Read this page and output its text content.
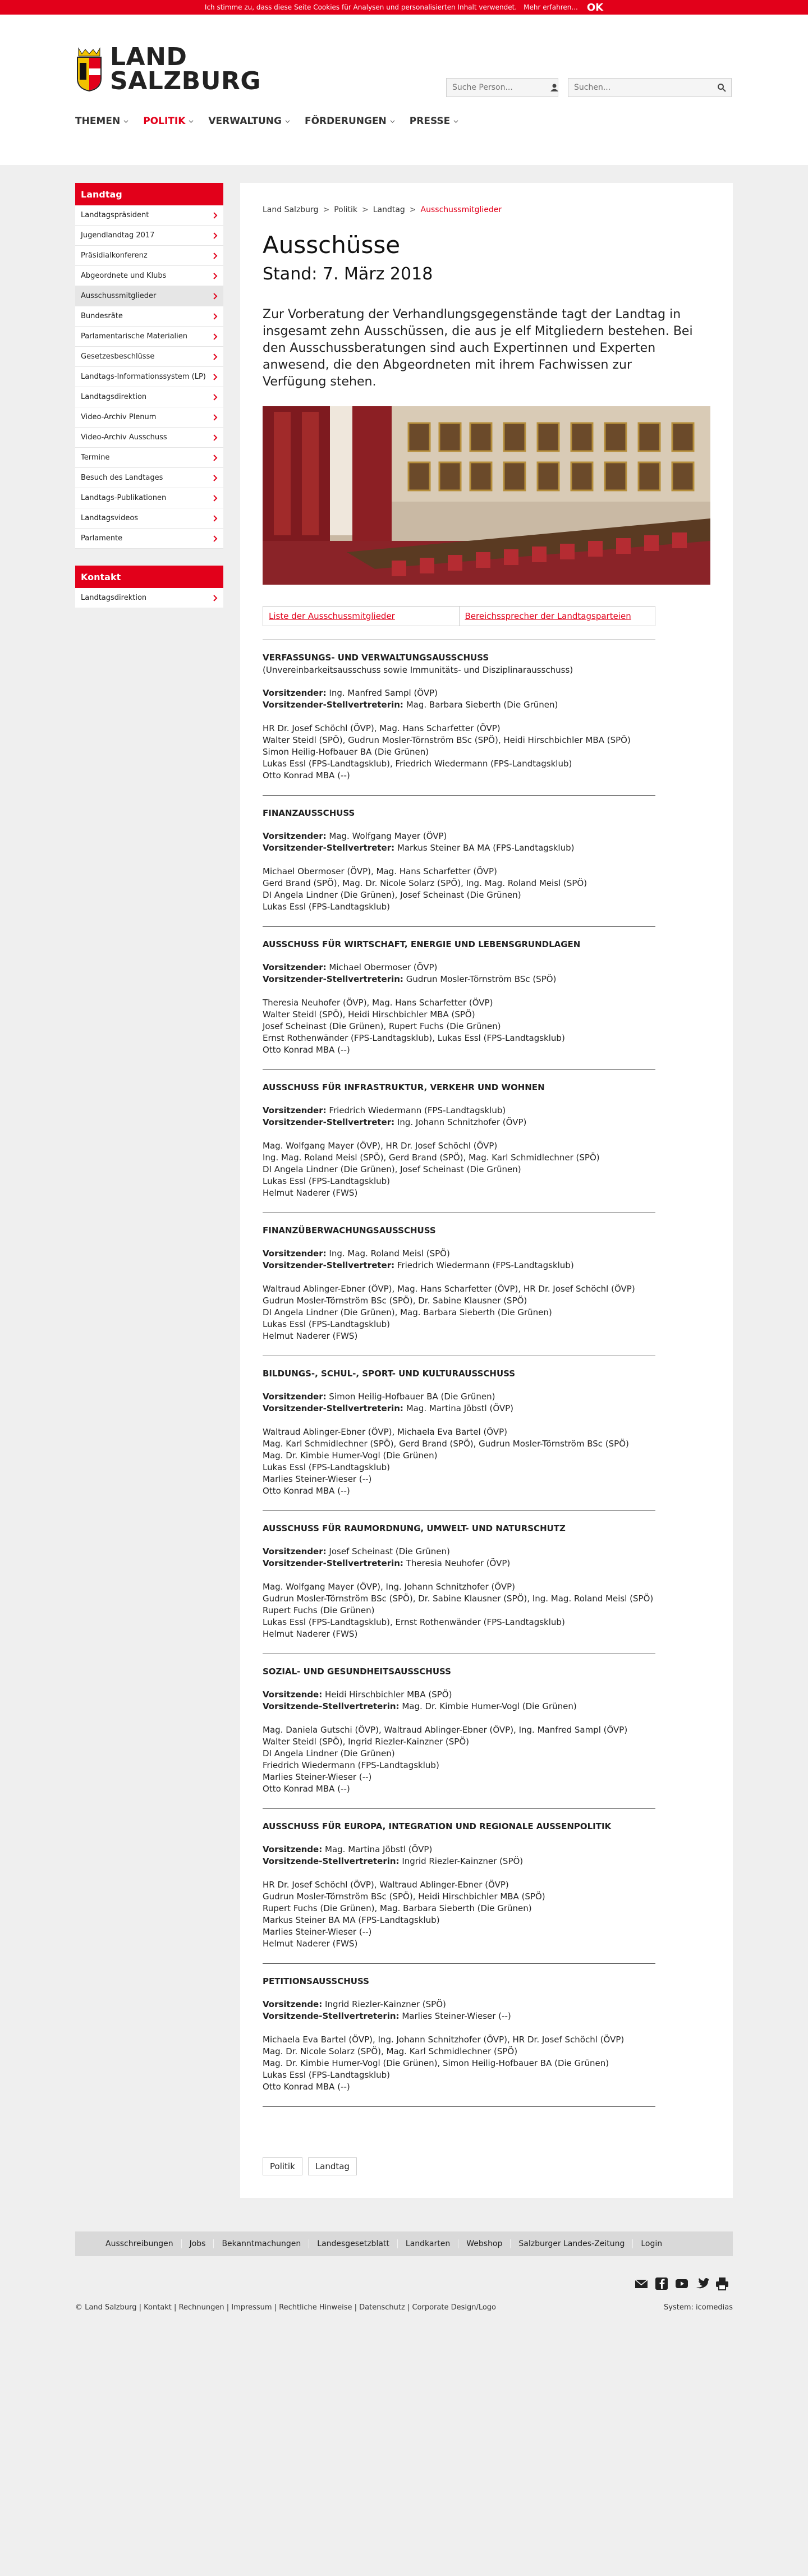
Ich stimme zu, dass diese Seite Cookies für Analysen und personalisierten Inhalt verwendet. Mehr erfahren... OK
LAND
SALZBURG
Suche Person...
Suchen...
THEMEN POLITIK VERWALTUNG FÖRDERUNGEN PRESSE
Landtag
Landtagspräsident
Jugendlandtag 2017
Präsidialkonferenz
Abgeordnete und Klubs
Ausschussmitglieder
Bundesräte
Parlamentarische Materialien
Gesetzesbeschlüsse
Landtags-Informationssystem (LP)
Landtagsdirektion
Video-Archiv Plenum
Video-Archiv Ausschuss
Termine
Besuch des Landtages
Landtags-Publikationen
Landtagsvideos
Parlamente
Kontakt
Landtagsdirektion
Land Salzburg > Politik > Landtag > Ausschussmitglieder
Ausschüsse
Stand: 7. März 2018

Zur Vorberatung der Verhandlungsgegenstände tagt der Landtag in insgesamt zehn Ausschüssen, die aus je elf Mitgliedern bestehen. Bei den Ausschussberatungen sind auch Expertinnen und Experten anwesend, die den Abgeordneten mit ihrem Fachwissen zur Verfügung stehen.

Liste der Ausschussmitglieder	Bereichssprecher der Landtagsparteien
VERFASSUNGS- UND VERWALTUNGSAUSSCHUSS
(Unvereinbarkeitsausschuss sowie Immunitäts- und Disziplinarausschuss)
Vorsitzender: Ing. Manfred Sampl (ÖVP)
Vorsitzender-Stellvertreterin: Mag. Barbara Sieberth (Die Grünen)
HR Dr. Josef Schöchl (ÖVP), Mag. Hans Scharfetter (ÖVP)
Walter Steidl (SPÖ), Gudrun Mosler-Törnström BSc (SPÖ), Heidi Hirschbichler MBA (SPÖ)
Simon Heilig-Hofbauer BA (Die Grünen)
Lukas Essl (FPS-Landtagsklub), Friedrich Wiedermann (FPS-Landtagsklub)
Otto Konrad MBA (--)
FINANZAUSSCHUSS
Vorsitzender: Mag. Wolfgang Mayer (ÖVP)
Vorsitzender-Stellvertreter: Markus Steiner BA MA (FPS-Landtagsklub)
Michael Obermoser (ÖVP), Mag. Hans Scharfetter (ÖVP)
Gerd Brand (SPÖ), Mag. Dr. Nicole Solarz (SPÖ), Ing. Mag. Roland Meisl (SPÖ)
DI Angela Lindner (Die Grünen), Josef Scheinast (Die Grünen)
Lukas Essl (FPS-Landtagsklub)
AUSSCHUSS FÜR WIRTSCHAFT, ENERGIE UND LEBENSGRUNDLAGEN
Vorsitzender: Michael Obermoser (ÖVP)
Vorsitzender-Stellvertreterin: Gudrun Mosler-Törnström BSc (SPÖ)
Theresia Neuhofer (ÖVP), Mag. Hans Scharfetter (ÖVP)
Walter Steidl (SPÖ), Heidi Hirschbichler MBA (SPÖ)
Josef Scheinast (Die Grünen), Rupert Fuchs (Die Grünen)
Ernst Rothenwänder (FPS-Landtagsklub), Lukas Essl (FPS-Landtagsklub)
Otto Konrad MBA (--)
AUSSCHUSS FÜR INFRASTRUKTUR, VERKEHR UND WOHNEN
Vorsitzender: Friedrich Wiedermann (FPS-Landtagsklub)
Vorsitzender-Stellvertreter: Ing. Johann Schnitzhofer (ÖVP)
Mag. Wolfgang Mayer (ÖVP), HR Dr. Josef Schöchl (ÖVP)
Ing. Mag. Roland Meisl (SPÖ), Gerd Brand (SPÖ), Mag. Karl Schmidlechner (SPÖ)
DI Angela Lindner (Die Grünen), Josef Scheinast (Die Grünen)
Lukas Essl (FPS-Landtagsklub)
Helmut Naderer (FWS)
FINANZÜBERWACHUNGSAUSSCHUSS
Vorsitzender: Ing. Mag. Roland Meisl (SPÖ)
Vorsitzender-Stellvertreter: Friedrich Wiedermann (FPS-Landtagsklub)
Waltraud Ablinger-Ebner (ÖVP), Mag. Hans Scharfetter (ÖVP), HR Dr. Josef Schöchl (ÖVP)
Gudrun Mosler-Törnström BSc (SPÖ), Dr. Sabine Klausner (SPÖ)
DI Angela Lindner (Die Grünen), Mag. Barbara Sieberth (Die Grünen)
Lukas Essl (FPS-Landtagsklub)
Helmut Naderer (FWS)
BILDUNGS-, SCHUL-, SPORT- UND KULTURAUSSCHUSS
Vorsitzender: Simon Heilig-Hofbauer BA (Die Grünen)
Vorsitzender-Stellvertreterin: Mag. Martina Jöbstl (ÖVP)
Waltraud Ablinger-Ebner (ÖVP), Michaela Eva Bartel (ÖVP)
Mag. Karl Schmidlechner (SPÖ), Gerd Brand (SPÖ), Gudrun Mosler-Törnström BSc (SPÖ)
Mag. Dr. Kimbie Humer-Vogl (Die Grünen)
Lukas Essl (FPS-Landtagsklub)
Marlies Steiner-Wieser (--)
Otto Konrad MBA (--)
AUSSCHUSS FÜR RAUMORDNUNG, UMWELT- UND NATURSCHUTZ
Vorsitzender: Josef Scheinast (Die Grünen)
Vorsitzender-Stellvertreterin: Theresia Neuhofer (ÖVP)
Mag. Wolfgang Mayer (ÖVP), Ing. Johann Schnitzhofer (ÖVP)
Gudrun Mosler-Törnström BSc (SPÖ), Dr. Sabine Klausner (SPÖ), Ing. Mag. Roland Meisl (SPÖ)
Rupert Fuchs (Die Grünen)
Lukas Essl (FPS-Landtagsklub), Ernst Rothenwänder (FPS-Landtagsklub)
Helmut Naderer (FWS)
SOZIAL- UND GESUNDHEITSAUSSCHUSS
Vorsitzende: Heidi Hirschbichler MBA (SPÖ)
Vorsitzende-Stellvertreterin: Mag. Dr. Kimbie Humer-Vogl (Die Grünen)
Mag. Daniela Gutschi (ÖVP), Waltraud Ablinger-Ebner (ÖVP), Ing. Manfred Sampl (ÖVP)
Walter Steidl (SPÖ), Ingrid Riezler-Kainzner (SPÖ)
DI Angela Lindner (Die Grünen)
Friedrich Wiedermann (FPS-Landtagsklub)
Marlies Steiner-Wieser (--)
Otto Konrad MBA (--)
AUSSCHUSS FÜR EUROPA, INTEGRATION UND REGIONALE AUSSENPOLITIK
Vorsitzende: Mag. Martina Jöbstl (ÖVP)
Vorsitzende-Stellvertreterin: Ingrid Riezler-Kainzner (SPÖ)
HR Dr. Josef Schöchl (ÖVP), Waltraud Ablinger-Ebner (ÖVP)
Gudrun Mosler-Törnström BSc (SPÖ), Heidi Hirschbichler MBA (SPÖ)
Rupert Fuchs (Die Grünen), Mag. Barbara Sieberth (Die Grünen)
Markus Steiner BA MA (FPS-Landtagsklub)
Marlies Steiner-Wieser (--)
Helmut Naderer (FWS)
PETITIONSAUSSCHUSS
Vorsitzende: Ingrid Riezler-Kainzner (SPÖ)
Vorsitzende-Stellvertreterin: Marlies Steiner-Wieser (--)
Michaela Eva Bartel (ÖVP), Ing. Johann Schnitzhofer (ÖVP), HR Dr. Josef Schöchl (ÖVP)
Mag. Dr. Nicole Solarz (SPÖ), Mag. Karl Schmidlechner (SPÖ)
Mag. Dr. Kimbie Humer-Vogl (Die Grünen), Simon Heilig-Hofbauer BA (Die Grünen)
Lukas Essl (FPS-Landtagsklub)
Otto Konrad MBA (--)
Politik	Landtag
Ausschreibungen	Jobs	Bekanntmachungen	Landesgesetzblatt	Landkarten	Webshop	Salzburger Landes-Zeitung	Login
© Land Salzburg | Kontakt | Rechnungen | Impressum | Rechtliche Hinweise | Datenschutz | Corporate Design/Logo	System: icomedias
